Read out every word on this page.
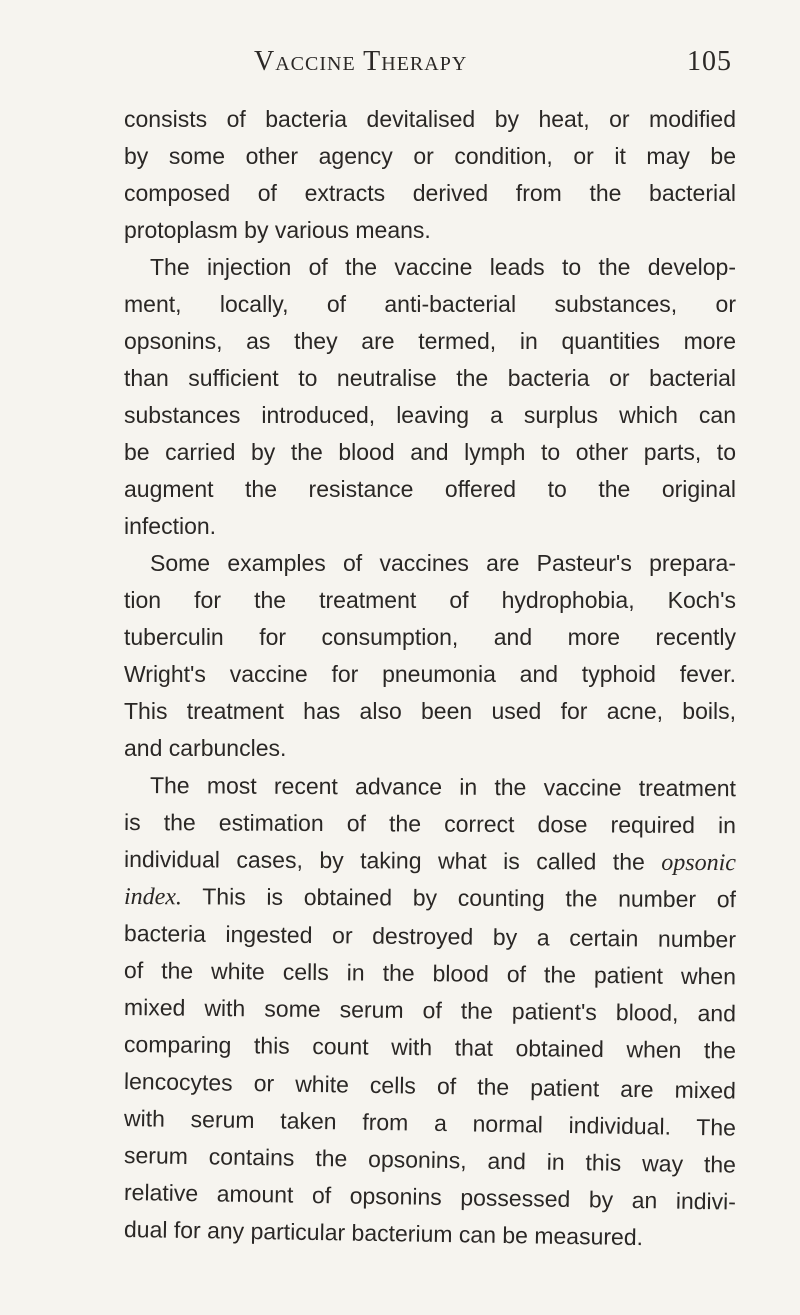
Vaccine Therapy	105
consists of bacteria devitalised by heat, or modified
by some other agency or condition, or it may be
composed of extracts derived from the bacterial
protoplasm by various means.
The injection of the vaccine leads to the develop-
ment, locally, of anti-bacterial substances, or
opsonins, as they are termed, in quantities more
than sufficient to neutralise the bacteria or bacterial
substances introduced, leaving a surplus which can
be carried by the blood and lymph to other parts, to
augment the resistance offered to the original
infection.
Some examples of vaccines are Pasteur's prepara-
tion for the treatment of hydrophobia, Koch's
tuberculin for consumption, and more recently
Wright's vaccine for pneumonia and typhoid fever.
This treatment has also been used for acne, boils,
and carbuncles.
The most recent advance in the vaccine treatment
is the estimation of the correct dose required in
individual cases, by taking what is called the opsonic
index. This is obtained by counting the number of
bacteria ingested or destroyed by a certain number
of the white cells in the blood of the patient when
mixed with some serum of the patient's blood, and
comparing this count with that obtained when the
lencocytes or white cells of the patient are mixed
with serum taken from a normal individual. The
serum contains the opsonins, and in this way the
relative amount of opsonins possessed by an indivi-
dual for any particular bacterium can be measured.
